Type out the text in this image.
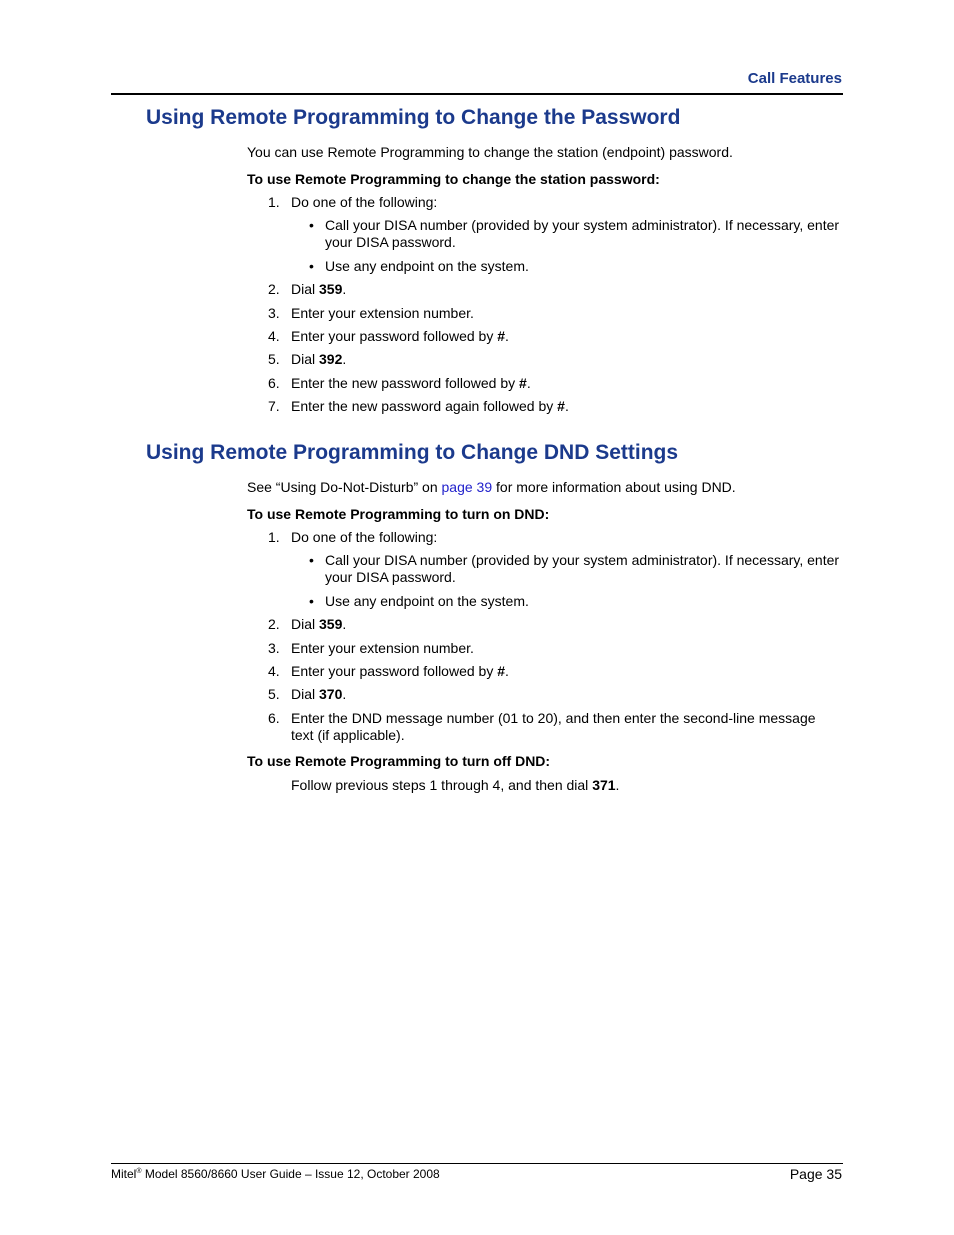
Call Features
Using Remote Programming to Change the Password
You can use Remote Programming to change the station (endpoint) password.
To use Remote Programming to change the station password:
1. Do one of the following:
• Call your DISA number (provided by your system administrator). If necessary, enter your DISA password.
• Use any endpoint on the system.
2. Dial 359.
3. Enter your extension number.
4. Enter your password followed by #.
5. Dial 392.
6. Enter the new password followed by #.
7. Enter the new password again followed by #.
Using Remote Programming to Change DND Settings
See “Using Do-Not-Disturb” on page 39 for more information about using DND.
To use Remote Programming to turn on DND:
1. Do one of the following:
• Call your DISA number (provided by your system administrator). If necessary, enter your DISA password.
• Use any endpoint on the system.
2. Dial 359.
3. Enter your extension number.
4. Enter your password followed by #.
5. Dial 370.
6. Enter the DND message number (01 to 20), and then enter the second-line message text (if applicable).
To use Remote Programming to turn off DND:
Follow previous steps 1 through 4, and then dial 371.
Mitel® Model 8560/8660 User Guide – Issue 12, October 2008	Page 35
